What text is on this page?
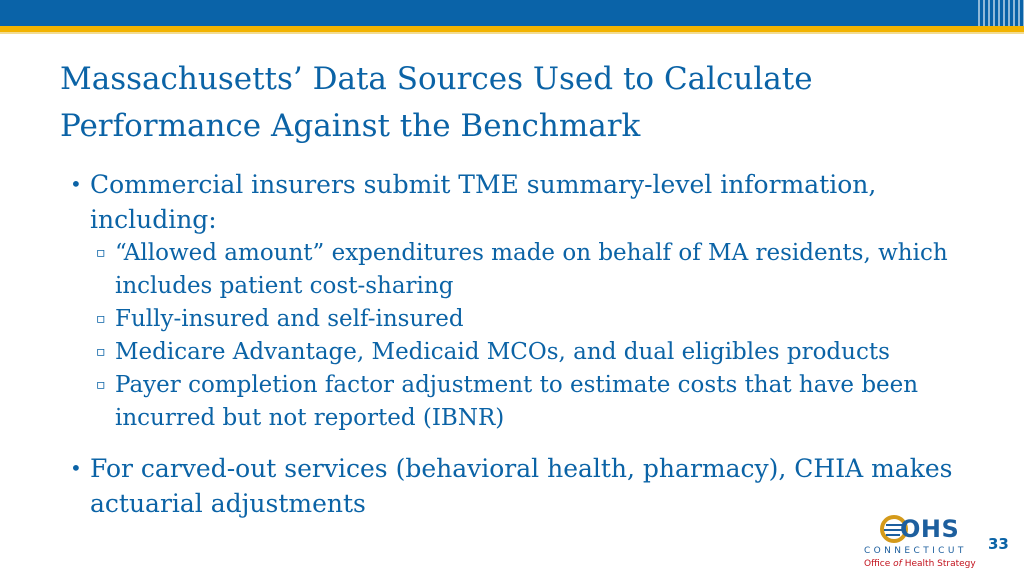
Massachusetts’ Data Sources Used to Calculate Performance Against the Benchmark
• Commercial insurers submit TME summary-level information, including:
▫ “Allowed amount” expenditures made on behalf of MA residents, which includes patient cost-sharing
▫ Fully-insured and self-insured
▫ Medicare Advantage, Medicaid MCOs, and dual eligibles products
▫ Payer completion factor adjustment to estimate costs that have been incurred but not reported (IBNR)
• For carved-out services (behavioral health, pharmacy), CHIA makes actuarial adjustments
OHS
CONNECTICUT
Office of Health Strategy
33
